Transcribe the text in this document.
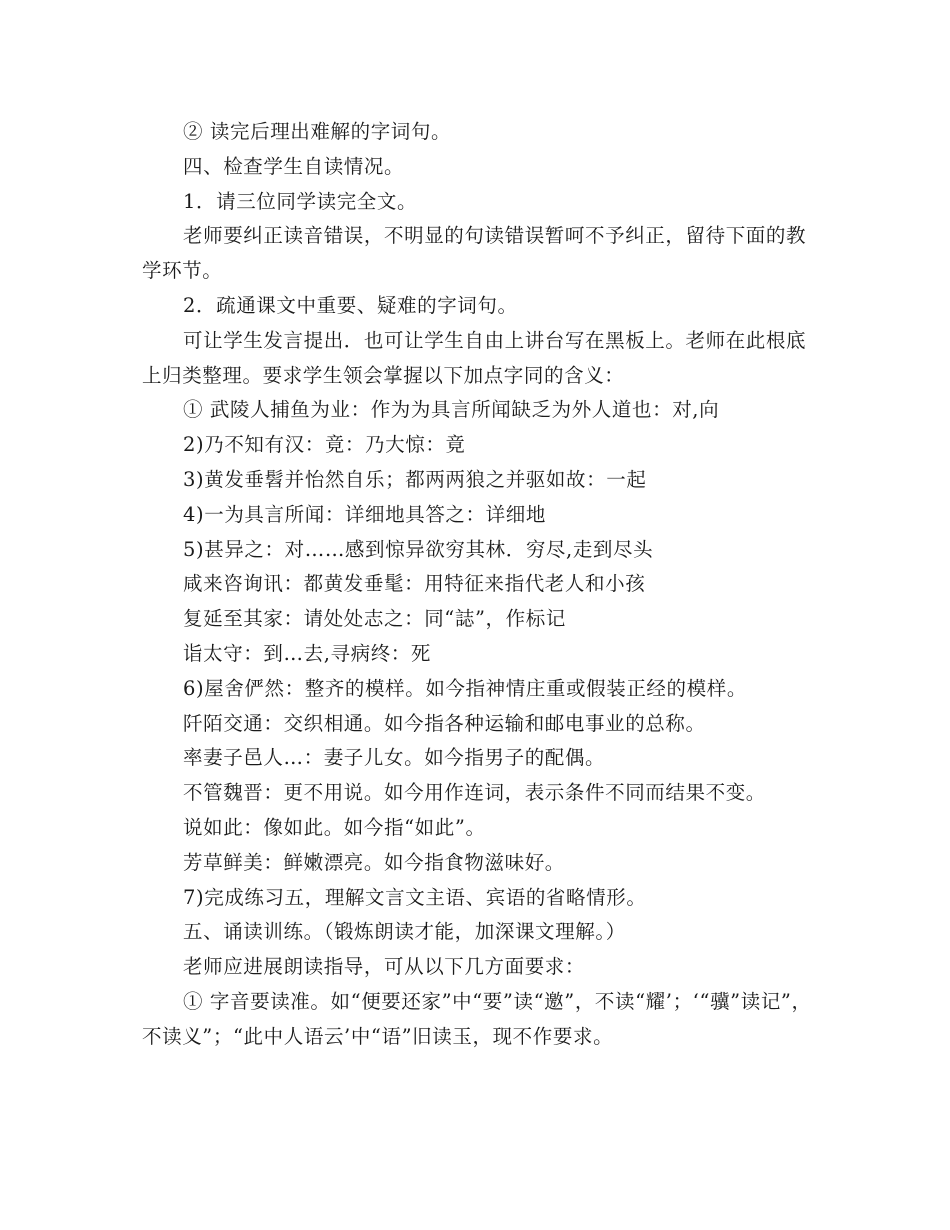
② 读完后理出难解的字词句。

四、检查学生自读情况。

1．请三位同学读完全文。

老师要纠正读音错误，不明显的句读错误暂呵不予纠正，留待下面的教学环节。

2．疏通课文中重要、疑难的字词句。

可让学生发言提出．也可让学生自由上讲台写在黑板上。老师在此根底上归类整理。要求学生领会掌握以下加点字同的含义：

① 武陵人捕鱼为业：作为为具言所闻缺乏为外人道也：对,向

2)乃不知有汉：竟：乃大惊：竟

3)黄发垂髫并怡然自乐；都两两狼之并驱如故：一起

4)一为具言所闻：详细地具答之：详细地

5)甚异之：对……感到惊异欲穷其林．穷尽,走到尽头

咸来咨询讯：都黄发垂髦：用特征来指代老人和小孩

复延至其家：请处处志之：同“誌”，作标记

诣太守：到…去,寻病终：死

6)屋舍俨然：整齐的模样。如今指神情庄重或假装正经的模样。

阡陌交通：交织相通。如今指各种运输和邮电事业的总称。

率妻子邑人…：妻子儿女。如今指男子的配偶。

不管魏晋：更不用说。如今用作连词，表示条件不同而结果不变。

说如此：像如此。如今指“如此”。

芳草鲜美：鲜嫩漂亮。如今指食物滋味好。

7)完成练习五，理解文言文主语、宾语的省略情形。

五、诵读训练。（锻炼朗读才能，加深课文理解。）

老师应进展朗读指导，可从以下几方面要求：

① 字音要读准。如“便要还家”中“要”读“邀”，不读“耀’；‘“骥”读记”，不读义”；“此中人语云’中“语”旧读玉，现不作要求。
